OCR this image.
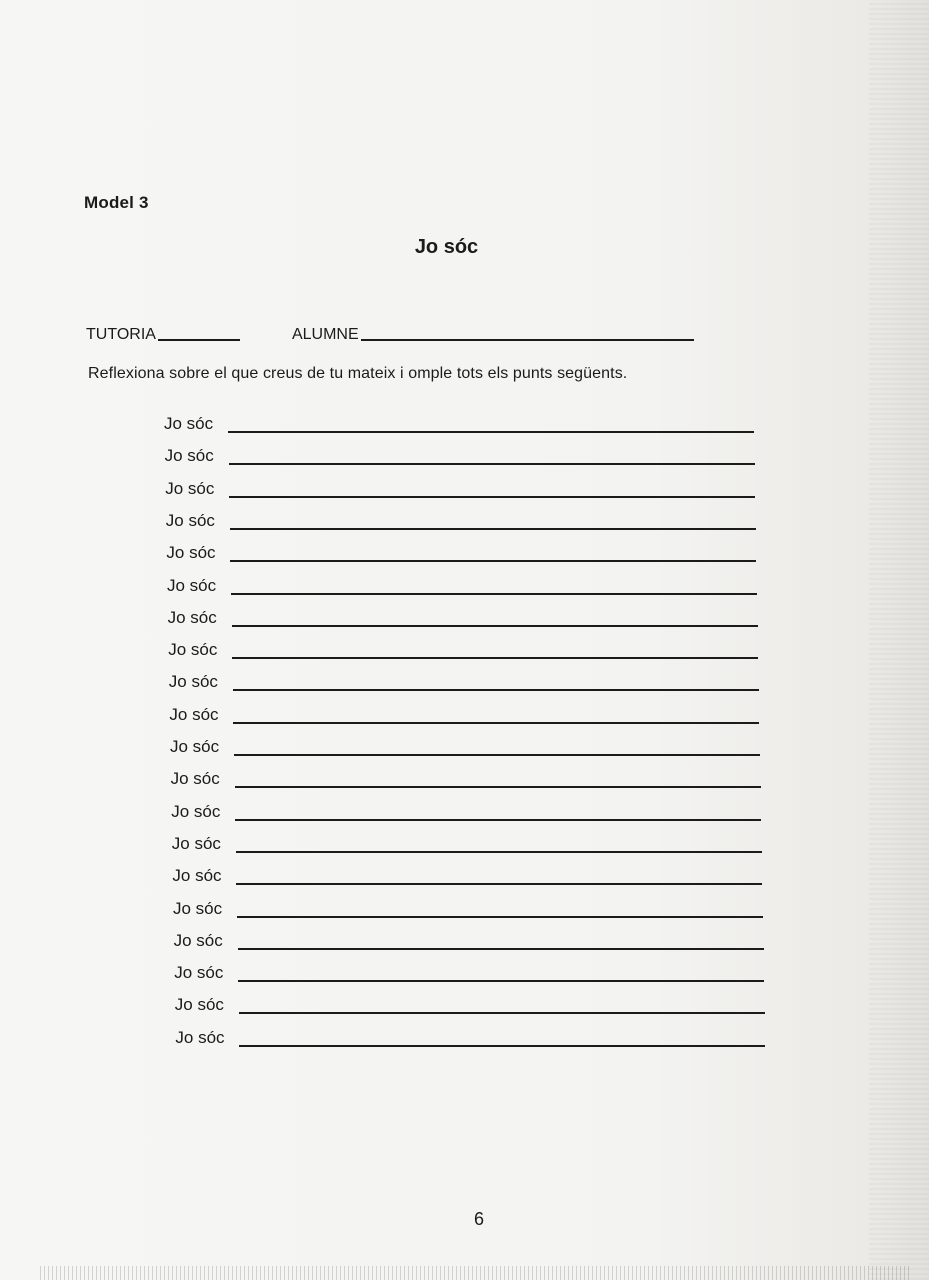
Model 3
Jo sóc
TUTORIA	ALUMNE
Reflexiona sobre el que creus de tu mateix i omple tots els punts següents.
Jo sóc
Jo sóc
Jo sóc
Jo sóc
Jo sóc
Jo sóc
Jo sóc
Jo sóc
Jo sóc
Jo sóc
Jo sóc
Jo sóc
Jo sóc
Jo sóc
Jo sóc
Jo sóc
Jo sóc
Jo sóc
Jo sóc
Jo sóc
6
